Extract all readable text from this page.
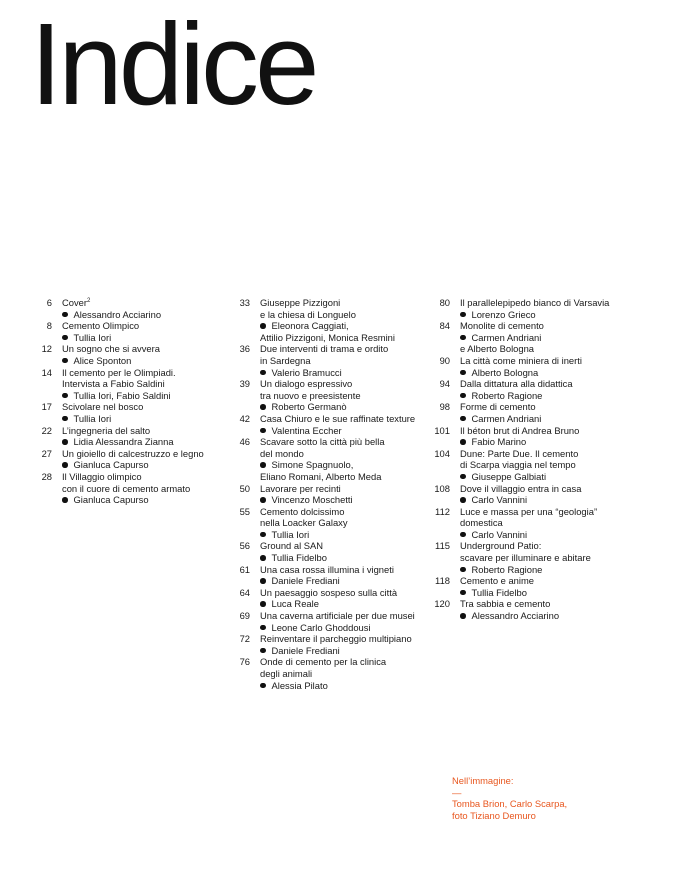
Indice
6 Cover$^2$
Alessandro Acciarino
8 Cemento Olimpico
Tullia Iori
12 Un sogno che si avvera
Alice Sponton
14 Il cemento per le Olimpiadi.
Intervista a Fabio Saldini
Tullia Iori, Fabio Saldini
17 Scivolare nel bosco
Tullia Iori
22 L’ingegneria del salto
Lidia Alessandra Zianna
27 Un gioiello di calcestruzzo e legno
Gianluca Capurso
28 Il Villaggio olimpico
con il cuore di cemento armato
Gianluca Capurso
33 Giuseppe Pizzigoni
e la chiesa di Longuelo
Eleonora Caggiati,
Attilio Pizzigoni, Monica Resmini
36 Due interventi di trama e ordito
in Sardegna
Valerio Bramucci
39 Un dialogo espressivo
tra nuovo e preesistente
Roberto Germanò
42 Casa Chiuro e le sue raffinate texture
Valentina Eccher
46 Scavare sotto la città più bella
del mondo
Simone Spagnuolo,
Eliano Romani, Alberto Meda
50 Lavorare per recinti
Vincenzo Moschetti
55 Cemento dolcissimo
nella Loacker Galaxy
Tullia Iori
56 Ground al SAN
Tullia Fidelbo
61 Una casa rossa illumina i vigneti
Daniele Frediani
64 Un paesaggio sospeso sulla città
Luca Reale
69 Una caverna artificiale per due musei
Leone Carlo Ghoddousi
72 Reinventare il parcheggio multipiano
Daniele Frediani
76 Onde di cemento per la clinica
degli animali
Alessia Pilato
80 Il parallelepipedo bianco di Varsavia
Lorenzo Grieco
84 Monolite di cemento
Carmen Andriani
e Alberto Bologna
90 La città come miniera di inerti
Alberto Bologna
94 Dalla dittatura alla didattica
Roberto Ragione
98 Forme di cemento
Carmen Andriani
101 Il béton brut di Andrea Bruno
Fabio Marino
104 Dune: Parte Due. Il cemento
di Scarpa viaggia nel tempo
Giuseppe Galbiati
108 Dove il villaggio entra in casa
Carlo Vannini
112 Luce e massa per una “geologia”
domestica
Carlo Vannini
115 Underground Patio:
scavare per illuminare e abitare
Roberto Ragione
118 Cemento e anime
Tullia Fidelbo
120 Tra sabbia e cemento
Alessandro Acciarino
Nell’immagine:
—
Tomba Brion, Carlo Scarpa,
foto Tiziano Demuro
